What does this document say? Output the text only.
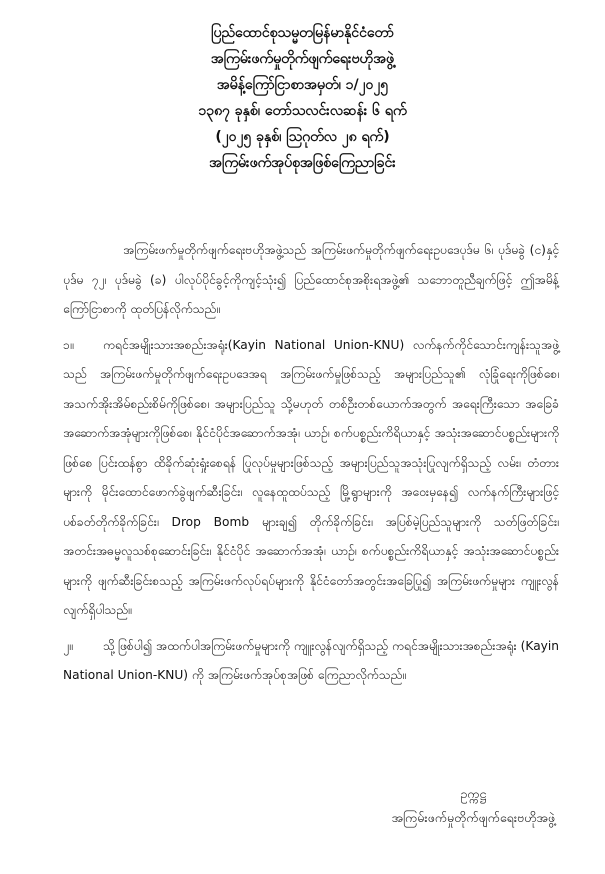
ပြည်ထောင်စုသမ္မတမြန်မာနိုင်ငံတော်
အကြမ်းဖက်မှုတိုက်ဖျက်ရေးဗဟိုအဖွဲ့
အမိန့်ကြော်ငြာစာအမှတ်၊ ၁/၂၀၂၅
၁၃၈၇ ခုနှစ်၊ တော်သလင်းလဆန်း ၆ ရက်
(၂၀၂၅ ခုနှစ်၊ ဩဂုတ်လ ၂၈ ရက်)
အကြမ်းဖက်အုပ်စုအဖြစ်ကြေညာခြင်း

အကြမ်းဖက်မှုတိုက်ဖျက်ရေးဗဟိုအဖွဲ့သည် အကြမ်းဖက်မှုတိုက်ဖျက်ရေးဥပဒေပုဒ်မ ၆၊ ပုဒ်မခွဲ (င)နှင့် ပုဒ်မ ၇၂၊ ပုဒ်မခွဲ (ခ) ပါလုပ်ပိုင်ခွင့်ကိုကျင့်သုံး၍ ပြည်ထောင်စုအစိုးရအဖွဲ့၏ သဘောတူညီချက်ဖြင့် ဤအမိန့်ကြော်ငြာစာကို ထုတ်ပြန်လိုက်သည်။

၁။ ကရင်အမျိုးသားအစည်းအရုံး(Kayin National Union-KNU) လက်နက်ကိုင်သောင်းကျန်းသူအဖွဲ့သည် အကြမ်းဖက်မှုတိုက်ဖျက်ရေးဥပဒေအရ အကြမ်းဖက်မှုဖြစ်သည့် အများပြည်သူ၏ လုံခြုံရေးကိုဖြစ်စေ၊ အသက်အိုးအိမ်စည်းစိမ်ကိုဖြစ်စေ၊ အများပြည်သူ သို့မဟုတ် တစ်ဦးတစ်ယောက်အတွက် အရေးကြီးသော အခြေခံအဆောက်အအုံများကိုဖြစ်စေ၊ နိုင်ငံပိုင်အဆောက်အအုံ၊ ယာဉ်၊ စက်ပစ္စည်းကိရိယာနှင့် အသုံးအဆောင်ပစ္စည်းများကိုဖြစ်စေ ပြင်းထန်စွာ ထိခိုက်ဆုံးရှုံးစေရန် ပြုလုပ်မှုများဖြစ်သည့် အများပြည်သူအသုံးပြုလျက်ရှိသည့် လမ်း၊ တံတားများကို မိုင်းထောင်ဖောက်ခွဲဖျက်ဆီးခြင်း၊ လူနေထူထပ်သည့် မြို့ရွာများကို အဝေးမှနေ၍ လက်နက်ကြီးများဖြင့် ပစ်ခတ်တိုက်ခိုက်ခြင်း၊ Drop Bomb များချ၍ တိုက်ခိုက်ခြင်း၊ အပြစ်မဲ့ပြည်သူများကို သတ်ဖြတ်ခြင်း၊ အတင်းအဓမ္မလူသစ်စုဆောင်းခြင်း၊ နိုင်ငံပိုင် အဆောက်အအုံ၊ ယာဉ်၊ စက်ပစ္စည်းကိရိယာနှင့် အသုံးအဆောင်ပစ္စည်းများကို ဖျက်ဆီးခြင်းစသည့် အကြမ်းဖက်လုပ်ရပ်များကို နိုင်ငံတော်အတွင်းအခြေပြု၍ အကြမ်းဖက်မှုများ ကျူးလွန်လျက်ရှိပါသည်။

၂။ သို့ဖြစ်ပါ၍ အထက်ပါအကြမ်းဖက်မှုများကို ကျူးလွန်လျက်ရှိသည့် ကရင်အမျိုးသားအစည်းအရုံး (Kayin National Union-KNU) ကို အကြမ်းဖက်အုပ်စုအဖြစ် ကြေညာလိုက်သည်။

ဥက္ကဋ္ဌ
အကြမ်းဖက်မှုတိုက်ဖျက်ရေးဗဟိုအဖွဲ့
